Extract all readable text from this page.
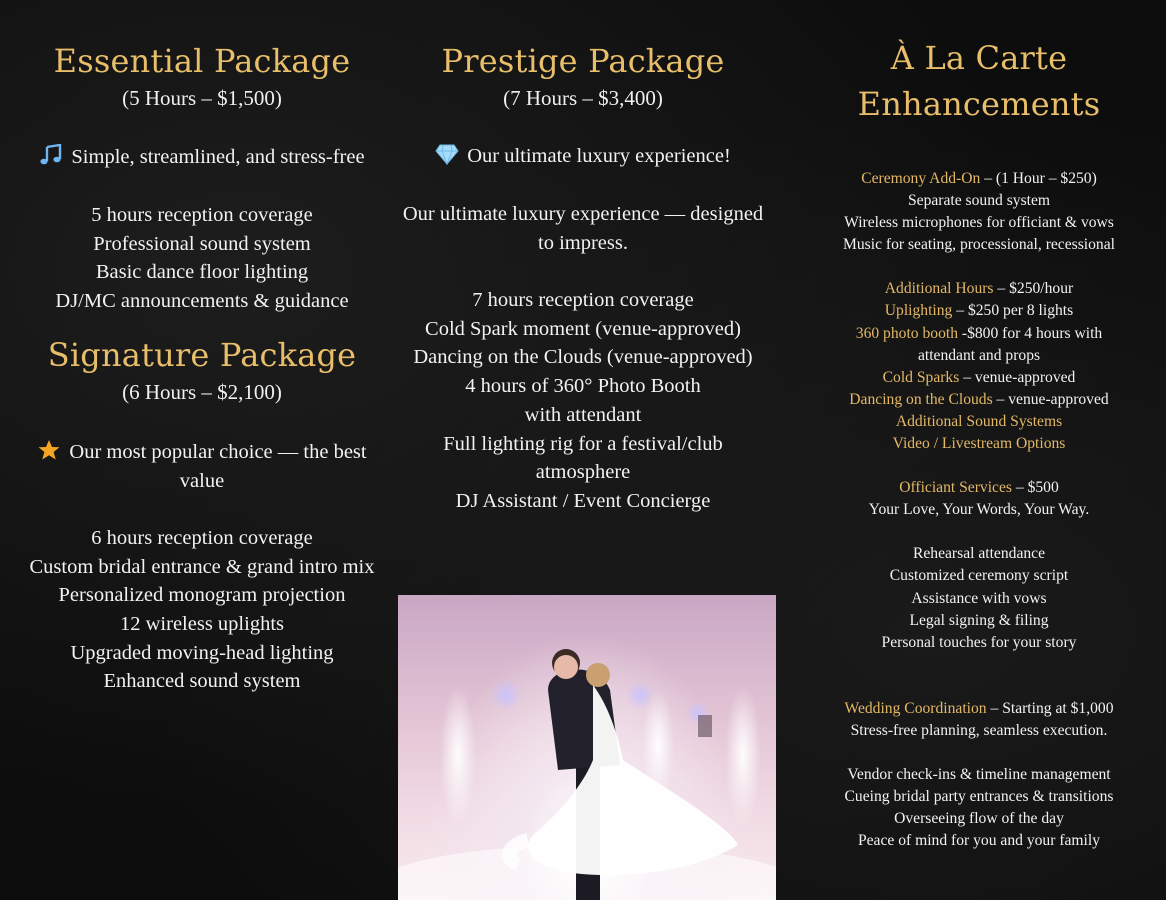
Essential Package
(5 Hours – $1,500)
Simple, streamlined, and stress-free
5 hours reception coverage
Professional sound system
Basic dance floor lighting
DJ/MC announcements & guidance
Signature Package
(6 Hours – $2,100)
Our most popular choice — the best
value
6 hours reception coverage
Custom bridal entrance & grand intro mix
Personalized monogram projection
12 wireless uplights
Upgraded moving-head lighting
Enhanced sound system
Prestige Package
(7 Hours – $3,400)
Our ultimate luxury experience!
Our ultimate luxury experience — designed
to impress.
7 hours reception coverage
Cold Spark moment (venue-approved)
Dancing on the Clouds (venue-approved)
4 hours of 360° Photo Booth
with attendant
Full lighting rig for a festival/club
atmosphere
DJ Assistant / Event Concierge
À La Carte
Enhancements
Ceremony Add-On – (1 Hour – $250)
Separate sound system
Wireless microphones for officiant & vows
Music for seating, processional, recessional
Additional Hours – $250/hour
Uplighting – $250 per 8 lights
360 photo booth -$800 for 4 hours with
attendant and props
Cold Sparks – venue-approved
Dancing on the Clouds – venue-approved
Additional Sound Systems
Video / Livestream Options
Officiant Services – $500
Your Love, Your Words, Your Way.
Rehearsal attendance
Customized ceremony script
Assistance with vows
Legal signing & filing
Personal touches for your story
Wedding Coordination – Starting at $1,000
Stress-free planning, seamless execution.
Vendor check-ins & timeline management
Cueing bridal party entrances & transitions
Overseeing flow of the day
Peace of mind for you and your family
